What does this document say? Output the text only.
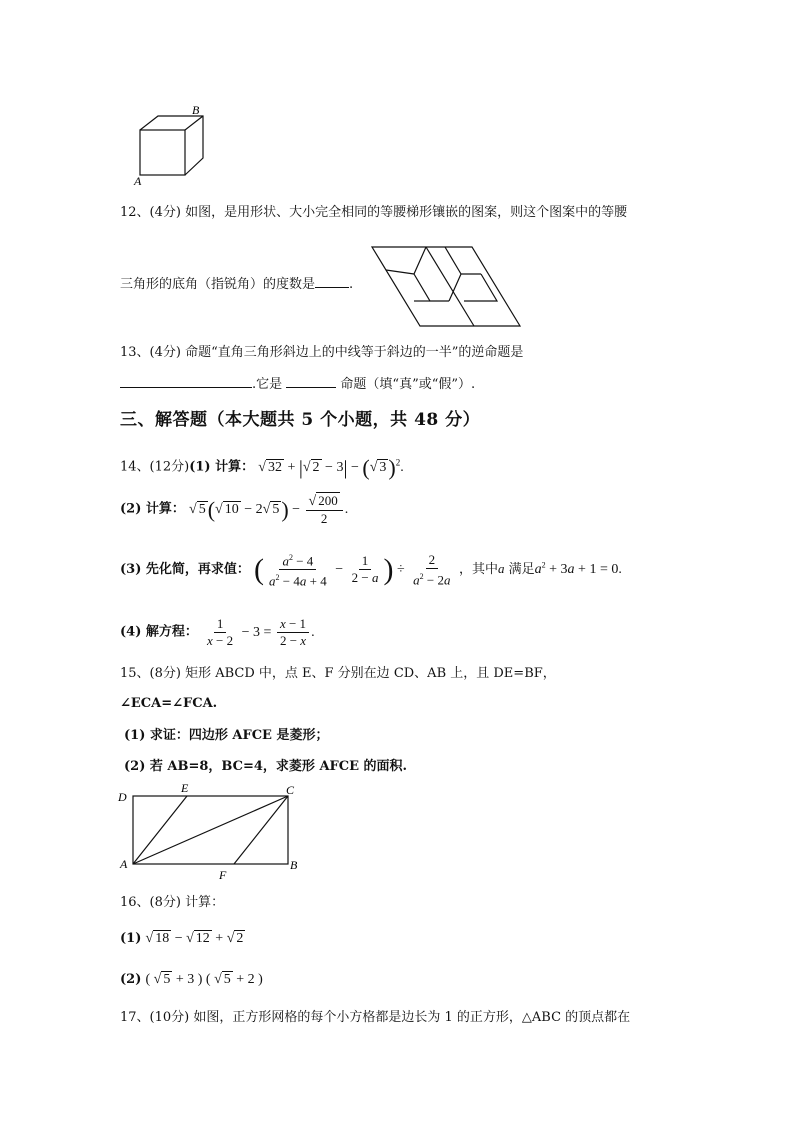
A
B
12、(4分) 如图，是用形状、大小完全相同的等腰梯形镶嵌的图案，则这个图案中的等腰
三角形的底角（指锐角）的度数是	.
13、(4分) 命题“直角三角形斜边上的中线等于斜边的一半”的逆命题是
.它是	命题（填“真”或“假”）.
三、解答题（本大题共 5 个小题，共 48 分）
14、(12分)(1) 计算： √ 32 + |√ 2 − 3| − (√ 3)$^2$.
(2) 计算： √ 5(√ 10 − 2√ $5) - \frac{√ 200}{2}$ .
(3) 先化简，再求值： ( $\frac{a^2 - 4}{a^2 - 4a + 4} - \frac{1}{2 - a}$ ) ÷ $\frac{2}{a^2 - 2a}$ ，其中a 满足$a^2 + 3a + 1 = 0$.
(4) 解方程： $\frac{1}{x - 2} - 3 = \frac{x - 1}{2 - x}$ .
15、(8分) 矩形 ABCD 中，点 E、F 分别在边 CD、AB 上，且 DE=BF，
∠ECA=∠FCA.
(1) 求证：四边形 AFCE 是菱形；
(2) 若 AB=8，BC=4，求菱形 AFCE 的面积.
D
E	C
A
F
B
16、(8分) 计算：
(1) √ 18 − √ 12 + √ 2
(2) ( √ 5 + 3 ) ( √ 5 + 2 )
17、(10分) 如图，正方形网格的每个小方格都是边长为 1 的正方形，△ABC 的顶点都在
